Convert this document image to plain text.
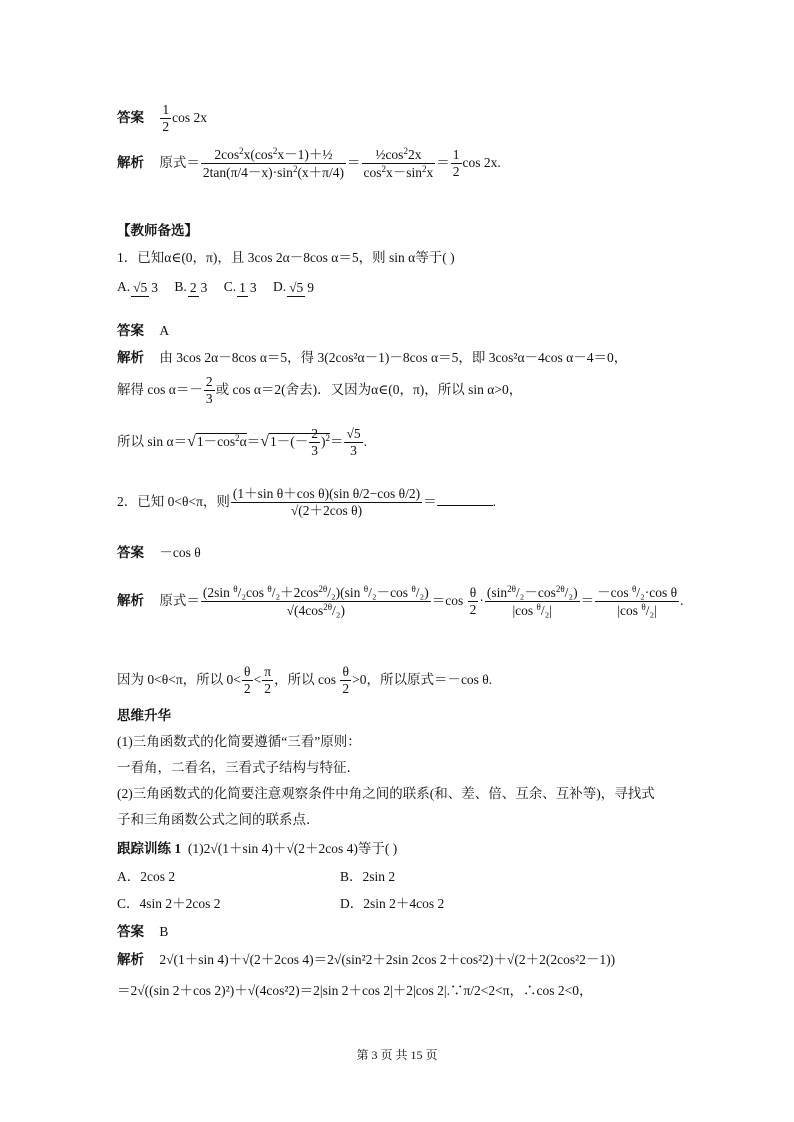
答案 $\frac{1}{2}$ cos 2x
解析 原式＝ $\frac{2\cos^2x(\cos^2x-1)+\frac{1}{2}}{2\tan(\pi/4-x)\cdot\sin^2(x+\pi/4)} = \frac{\frac{1}{2}\cos^22x}{\cos^2x-\sin^2x} = \frac{1}{2}$ cos 2x.
【教师备选】
1．已知α∈(0，π)，且 3cos 2α－8cos α＝5，则 sin α等于( )
A. √5 3 B. 2 3 C. 1 3 D. √5 9
答案 A
解析 由 3cos 2α－8cos α＝5，得 3(2cos²α－1)－8cos α＝5，即 3cos²α－4cos α－4＝0，
解得 $\cos \alpha=- \frac{2}{3}$ 或 cos α＝2(舍去)．又因为α∈(0，π)，所以 sin α>0，
所以 $\sin \alpha=√1-\cos^2\alpha=√1-(- \frac{2}{3} )^2= \frac{√5}{3}$ .
2．已知 0<θ<π，则 $\frac{\text{(1＋sin θ＋cos θ)(sin θ/2−cos θ/2)}}{\text{√(2＋2cos θ)}}$ ＝	.
答案 －cos θ
解析 原式＝ $\frac{(2\sin ^\theta/_2\cos ^\theta/_2+2\cos^{2\theta}/_2)(\sin ^\theta/_2-\cos ^\theta/_2)}{√(4\cos^{2\theta}/_2)} =\cos \frac{\theta}{2} \cdot \frac{(\sin^{2\theta}/_2-\cos^{2\theta}/_2)}{|\cos ^\theta/_2|} = \frac{-\cos ^\theta/_2\cdot\cos \theta}{|\cos ^\theta/_2|}$ .
因为 0<θ<π，所以 $0< \frac{\theta}{2} < \frac{\pi}{2}$ ，所以 $\cos \frac{\theta}{2} >0$，所以原式＝－cos θ.
思维升华
(1)三角函数式的化简要遵循“三看”原则：
一看角，二看名，三看式子结构与特征．
(2)三角函数式的化简要注意观察条件中角之间的联系(和、差、倍、互余、互补等)，寻找式
子和三角函数公式之间的联系点．
跟踪训练 1 (1)2√(1＋sin 4)＋√(2＋2cos 4)等于( )
A．2cos 2	B．2sin 2
C．4sin 2＋2cos 2	D．2sin 2＋4cos 2
答案 B
解析 2√(1＋sin 4)＋√(2＋2cos 4)＝2√(sin²2＋2sin 2cos 2＋cos²2)＋√(2＋2(2cos²2－1))
＝2√((sin 2＋cos 2)²)＋√(4cos²2)＝2|sin 2＋cos 2|＋2|cos 2|.∵π/2<2<π，∴cos 2<0，
第 3 页 共 15 页
